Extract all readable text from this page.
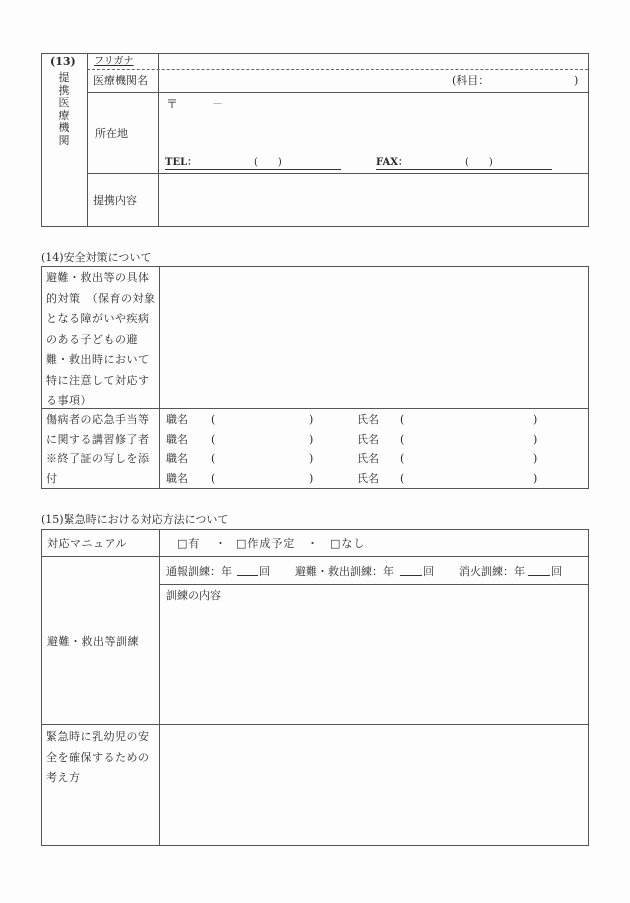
(13)
提携医療機関
フリガナ
医療機関名	(科目：	)
所在地
〒	－
TEL：	(　　)	FAX：	(　　)
提携内容
(14)安全対策について
避難・救出等の具体的対策　（保育の対象となる障がいや疾病のある子どもの避難・救出時において特に注意して対応する事項）
傷病者の応急手当等に関する講習修了者※終了証の写しを添付
職名 (	)	氏名 (	)
職名 (	)	氏名 (	)
職名 (	)	氏名 (	)
職名 (	)	氏名 (	)
(15)緊急時における対応方法について
対応マニュアル	□有 ・ □作成予定 ・ □なし
避難・救出等訓練
通報訓練：年 回 避難・救出訓練：年	回 消火訓練：年 回
訓練の内容
緊急時に乳幼児の安全を確保するための考え方
